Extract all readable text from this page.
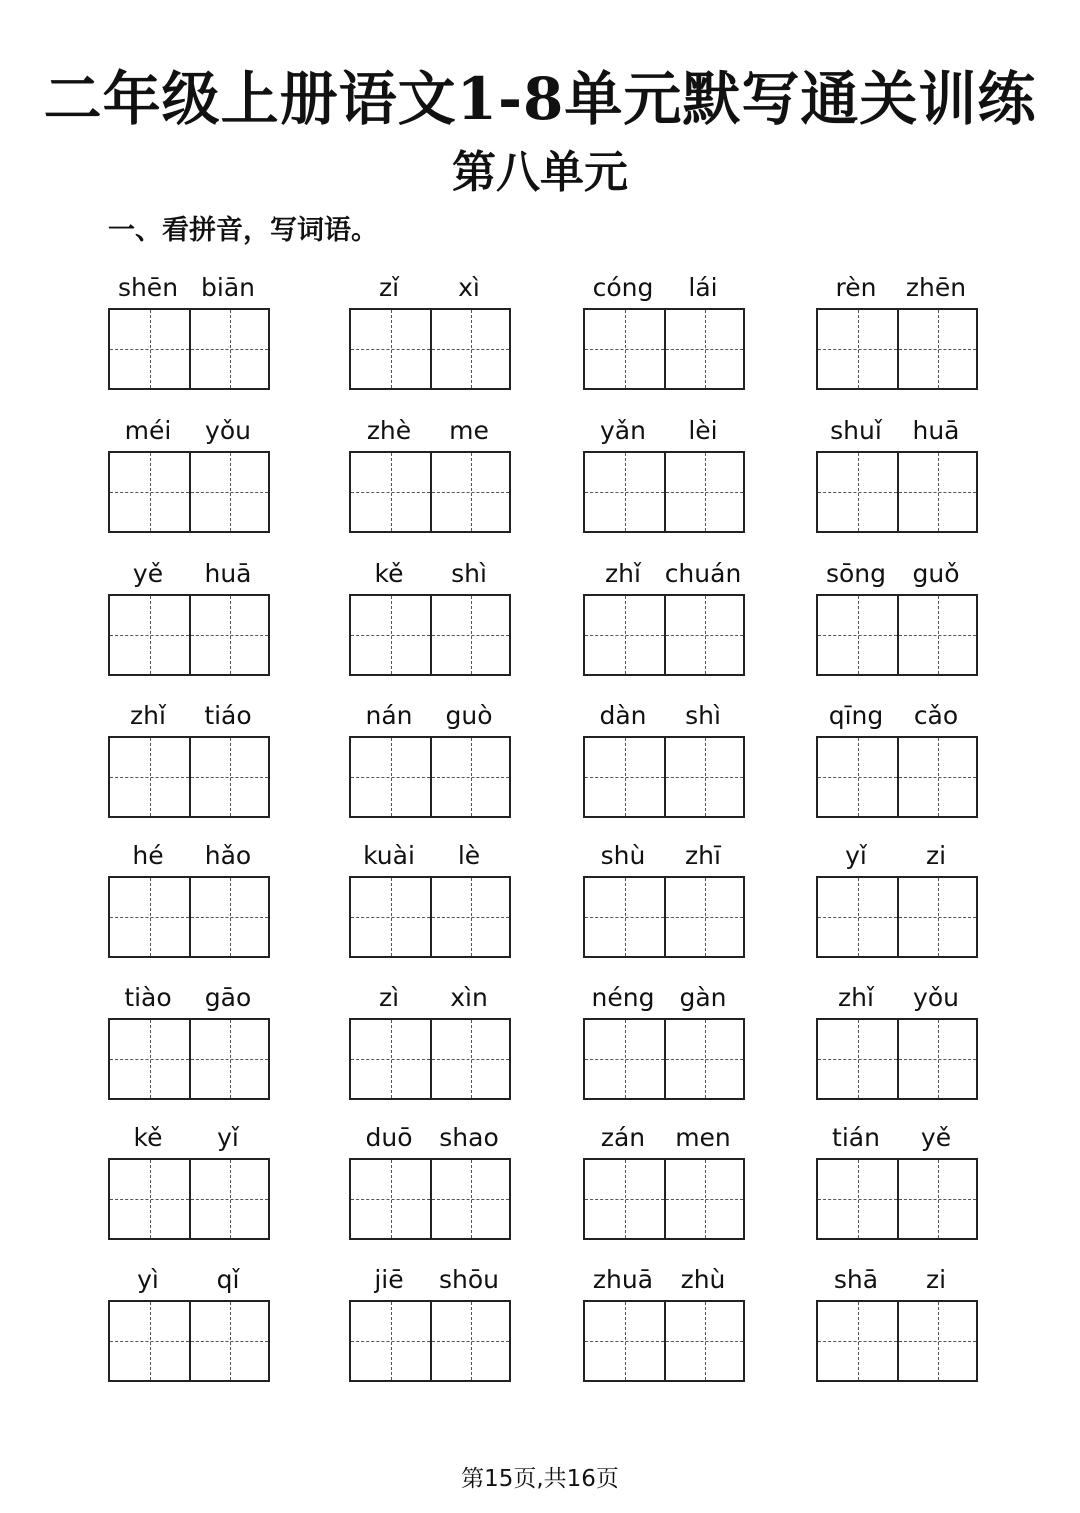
二年级上册语文1-8单元默写通关训练
第八单元
一、看拼音，写词语。
shēn biān	zǐ	xì	cóng	lái	rèn	zhēn
méi	yǒu	zhè	me	yǎn	lèi	shuǐ	huā
yě	huā	kě	shì	zhǐ chuán	sōng	guǒ
zhǐ	tiáo	nán	guò	dàn	shì	qīng	cǎo
hé	hǎo	kuài	lè	shù	zhī	yǐ	zi
tiào	gāo	zì	xìn	néng	gàn	zhǐ	yǒu
kě	yǐ	duō	shao	zán	men	tián	yě
yì	qǐ	jiē	shōu	zhuā	zhù	shā	zi
第15页,共16页
